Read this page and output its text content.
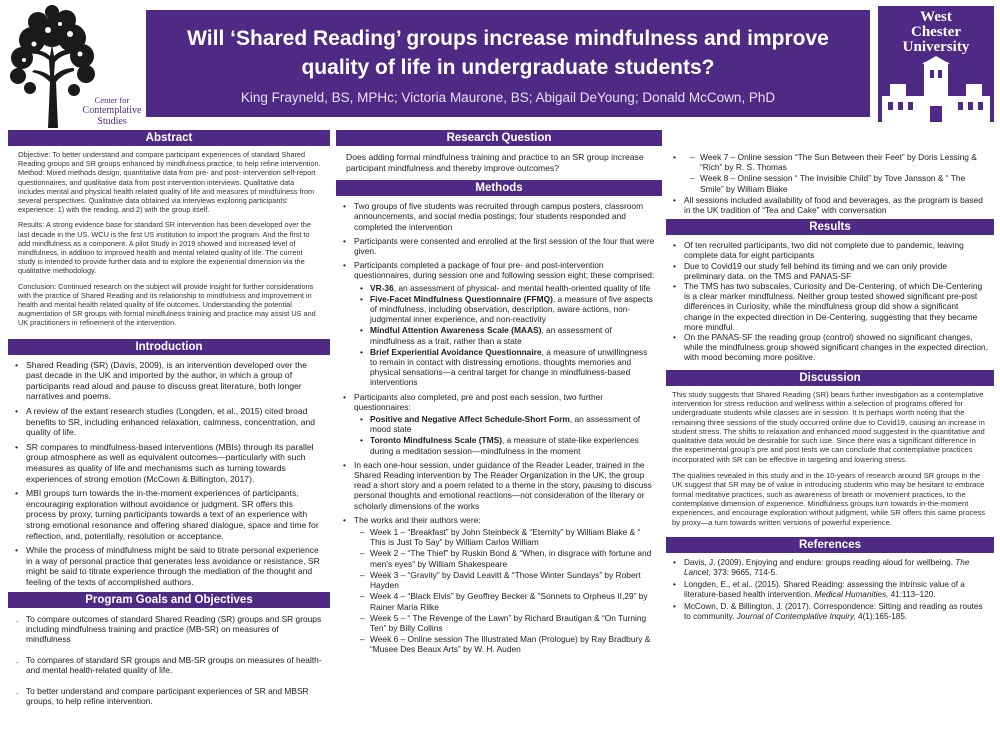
Center for
Contemplative
Studies
Will ‘Shared Reading’ groups increase mindfulness and improve
quality of life in undergraduate students?
King Frayneld, BS, MPHc; Victoria Maurone, BS; Abigail DeYoung; Donald McCown, PhD
West
Chester
University
Abstract
Objective: To better understand and compare participant experiences of standard Shared Reading groups and SR groups enhanced by mindfulness practice, to help refine intervention. Method: Mixed methods design, quantitative data from pre- and post- intervention self-report questionnaires, and qualitative data from post intervention interviews. Qualitative data includes mental and physical health related quality of life and measures of mindfulness from several perspectives. Qualitative data obtained via interviews exploring participants' experience: 1) with the reading, and 2) with the group itself.
Results: A strong evidence base for standard SR intervention has been developed over the last decade in the US. WCU is the first US institution to import the program. And the first to add mindfulness as a component. A pilot Study in 2019 showed and increased level of mindfulness, in addition to improved health and mental related quality of life. The current study is intended to provide further data and to explore the experiential dimension via the qualitative methodology.
Conclusion: Continued research on the subject will provide insight for further considerations with the practice of Shared Reading and its relationship to mindfulness and improvement in health and mental health related quality of life outcomes. Understanding the potential augmentation of SR groups with formal mindfulness training and practice may assist US and UK practitioners in refinement of the intervention.
Introduction
• Shared Reading (SR) (Davis, 2009), is an intervention developed over the past decade in the UK and imported by the author, in which a group of participants read aloud and pause to discuss great literature, both longer narratives and poems.
• A review of the extant research studies (Longden, et al., 2015) cited broad benefits to SR, including enhanced relaxation, calmness, concentration, and quality of life.
• SR compares to mindfulness-based interventions (MBIs) through its parallel group atmosphere as well as equivalent outcomes—particularly with such measures as quality of life and mechanisms such as turning towards experiences of strong emotion (McCown & Billington, 2017).
• MBI groups turn towards the in-the-moment experiences of participants, encouraging exploration without avoidance or judgment. SR offers this process by proxy, turning participants towards a text of an experience with strong emotional resonance and offering shared dialogue, space and time for reflection, and, potentially, resolution or acceptance.
• While the process of mindfulness might be said to titrate personal experience in a way of personal practice that generates less avoidance or resistance, SR might be said to titrate experience through the mediation of the thought and feeling of the texts of accomplished authors.
Program Goals and Objectives
. To compare outcomes of standard Shared Reading (SR) groups and SR groups including mindfulness training and practice (MB-SR) on measures of mindfulness
. To compares of standard SR groups and MB-SR groups on measures of health- and mental health-related quality of life.
. To better understand and compare participant experiences of SR and MBSR groups, to help refine intervention.
Research Question
Does adding formal mindfulness training and practice to an SR group increase participant mindfulness and thereby improve outcomes?
Methods
• Two groups of five students was recruited through campus posters, classroom announcements, and social media postings; four students responded and completed the intervention
• Participants were consented and enrolled at the first session of the four that were given.
• Participants completed a package of four pre- and post-intervention questionnaires, during session one and following session eight; these comprised:
• VR-36, an assessment of physical- and mental health-oriented quality of life
• Five-Facet Mindfulness Questionnaire (FFMQ), a measure of five aspects of mindfulness, including observation, description, aware actions, non-judgmental inner experience, and non-reactivity
• Mindful Attention Awareness Scale (MAAS), an assessment of mindfulness as a trait, rather than a state
• Brief Experiential Avoidance Questionnaire, a measure of unwillingness to remain in contact with distressing emotions, thoughts memories and physical sensations—a central target for change in mindfulness-based interventions
• Participants also completed, pre and post each session, two further questionnaires:
• Positive and Negative Affect Schedule-Short Form, an assessment of mood state
• Toronto Mindfulness Scale (TMS), a measure of state-like experiences during a meditation session—mindfulness in the moment
• In each one-hour session, under guidance of the Reader Leader, trained in the Shared Reading intervention by The Reader Organization in the UK, the group read a short story and a poem related to a theme in the story, pausing to discuss personal thoughts and emotional reactions—not consideration of the literary or scholarly dimensions of the works
• The works and their authors were:
– Week 1 – “Breakfast” by John Steinbeck & “Eternity” by William Blake & “ This is Just To Say” by William Carlos William
– Week 2 – “The Thief” by Ruskin Bond & “When, in disgrace with fortune and men’s eyes” by William Shakespeare
– Week 3 – “Gravity” by David Leavitt & “Those Winter Sundays” by Robert Hayden
– Week 4 – “Black Elvis” by Geoffrey Becker & “Sonnets to Orpheus II,29” by Rainer Maria Rilke
– Week 5 – “ The Revenge of the Lawn” by Richard Brautigan & “On Turning Ten” by Billy Collins
– Week 6 – Online session The Illustrated Man (Prologue) by Ray Bradbury & “Musee Des Beaux Arts” by W. H. Auden
– • Week 7 – Online session “The Sun Between their Feet” by Doris Lessing & “Rich” by R. S. Thomas
– Week 8 – Online session “ The Invisible Child” by Tove Jansson & “ The Smile” by William Blake
• All sessions included availability of food and beverages, as the program is based in the UK tradition of “Tea and Cake” with conversation
Results
• Of ten recruited participants, two did not complete due to pandemic, leaving complete data for eight participants
• Due to Covid19 our study fell behind its timing and we can only provide preliminary data. on the TMS and PANAS-SF
• The TMS has two subscales, Curiosity and De-Centering, of which De-Centering is a clear marker mindfulness. Neither group tested showed significant pre-post differences in Curiosity, while the mindfulness group did show a significant change in the expected direction in De-Centering, suggesting that they became more mindful.
• On the PANAS-SF the reading group (control) showed no significant changes, while the mindfulness group showed significant changes in the expected direction, with mood becoming more positive.
Discussion
This study suggests that Shared Reading (SR) bears further investigation as a contemplative intervention for stress reduction and wellness within a selection of programs offered for undergraduate students while classes are in session. It is perhaps worth noting that the remaining three sessions of the study occurred online due to Covid19, causing an increase in student stress. The shifts to relaxation and enhanced mood suggested in the quantitative and qualitative data would be desirable for such use. Since there was a significant difference in the experimental group’s pre and post tests we can conclude that contemplative practices incorporated with SR can be effective in targeting and lowering stress.
The qualities revealed in this study and in the 10-years of research around SR groups in the UK suggest that SR may be of value in introducing students who may be hesitant to embrace formal meditative practices, such as awareness of breath or movement practices, to the contemplative dimension of experience. Mindfulness groups turn towards in-the-moment experiences, and encourage exploration without judgment, while SR offers this same process by proxy—a turn towards written versions of powerful experience.
References
• Davis, J. (2009). Enjoying and endure: groups reading aloud for wellbeing. The Lancet, 373: 9665, 714-5.
• Longden, E., et al.. (2015). Shared Reading: assessing the intrinsic value of a literature-based health intervention. Medical Humanities, 41:113–120.
• McCown, D. & Billington, J. (2017). Correspondence: Sitting and reading as routes to community. Journal of Contemplative Inquiry, 4(1):165-185.
